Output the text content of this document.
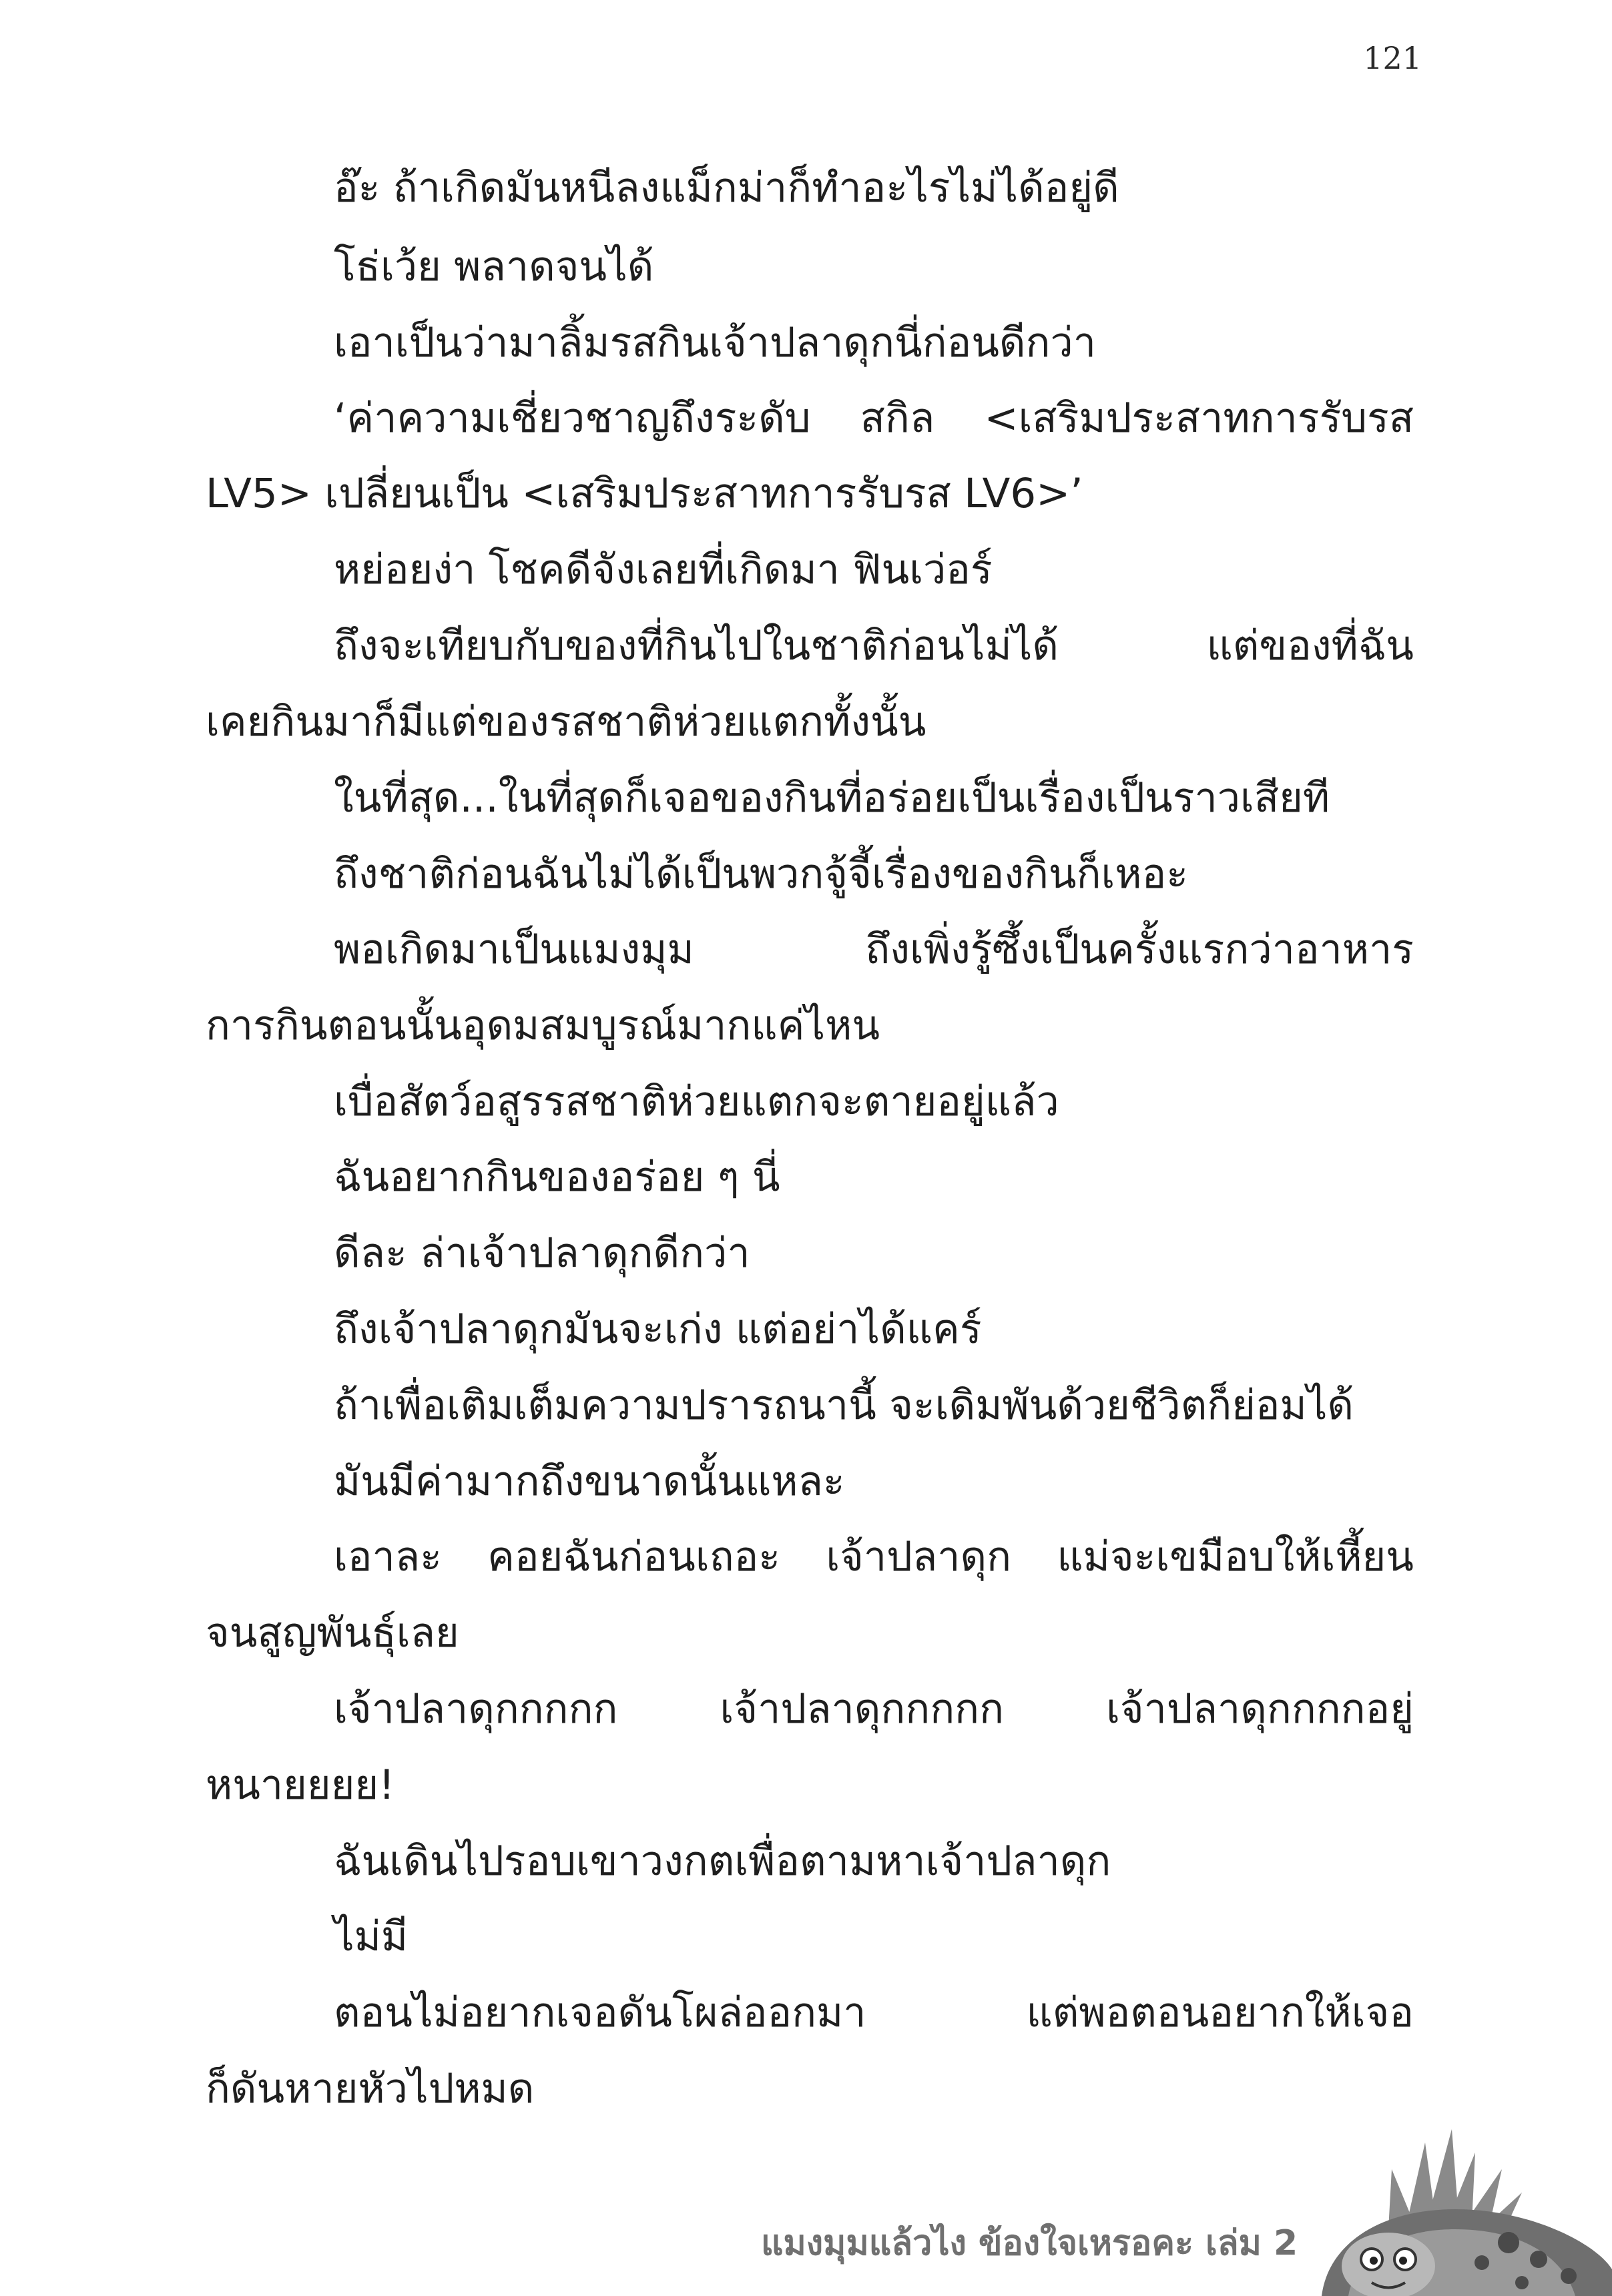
121
อ๊ะ ถ้าเกิดมันหนีลงแม็กม่าก็ทำอะไรไม่ได้อยู่ดี
โธ่เว้ย พลาดจนได้
เอาเป็นว่ามาลิ้มรสกินเจ้าปลาดุกนี่ก่อนดีกว่า
‘ค่าความเชี่ยวชาญถึงระดับ สกิล <เสริมประสาทการรับรส
LV5> เปลี่ยนเป็น <เสริมประสาทการรับรส LV6>’
หย่อยง่า โชคดีจังเลยที่เกิดมา ฟินเว่อร์
ถึงจะเทียบกับของที่กินไปในชาติก่อนไม่ได้ แต่ของที่ฉัน
เคยกินมาก็มีแต่ของรสชาติห่วยแตกทั้งนั้น
ในที่สุด...ในที่สุดก็เจอของกินที่อร่อยเป็นเรื่องเป็นราวเสียที
ถึงชาติก่อนฉันไม่ได้เป็นพวกจู้จี้เรื่องของกินก็เหอะ
พอเกิดมาเป็นแมงมุม ถึงเพิ่งรู้ซึ้งเป็นครั้งแรกว่าอาหาร
การกินตอนนั้นอุดมสมบูรณ์มากแค่ไหน
เบื่อสัตว์อสูรรสชาติห่วยแตกจะตายอยู่แล้ว
ฉันอยากกินของอร่อย ๆ นี่
ดีละ ล่าเจ้าปลาดุกดีกว่า
ถึงเจ้าปลาดุกมันจะเก่ง แต่อย่าได้แคร์
ถ้าเพื่อเติมเต็มความปรารถนานี้ จะเดิมพันด้วยชีวิตก็ย่อมได้
มันมีค่ามากถึงขนาดนั้นแหละ
เอาละ คอยฉันก่อนเถอะ เจ้าปลาดุก แม่จะเขมือบให้เหี้ยน
จนสูญพันธุ์เลย
เจ้าปลาดุกกกกก เจ้าปลาดุกกกกก เจ้าปลาดุกกกกอยู่
หนายยยย!
ฉันเดินไปรอบเขาวงกตเพื่อตามหาเจ้าปลาดุก
ไม่มี
ตอนไม่อยากเจอดันโผล่ออกมา แต่พอตอนอยากให้เจอ
ก็ดันหายหัวไปหมด
แมงมุมแล้วไง ข้องใจเหรอคะ เล่ม 2
